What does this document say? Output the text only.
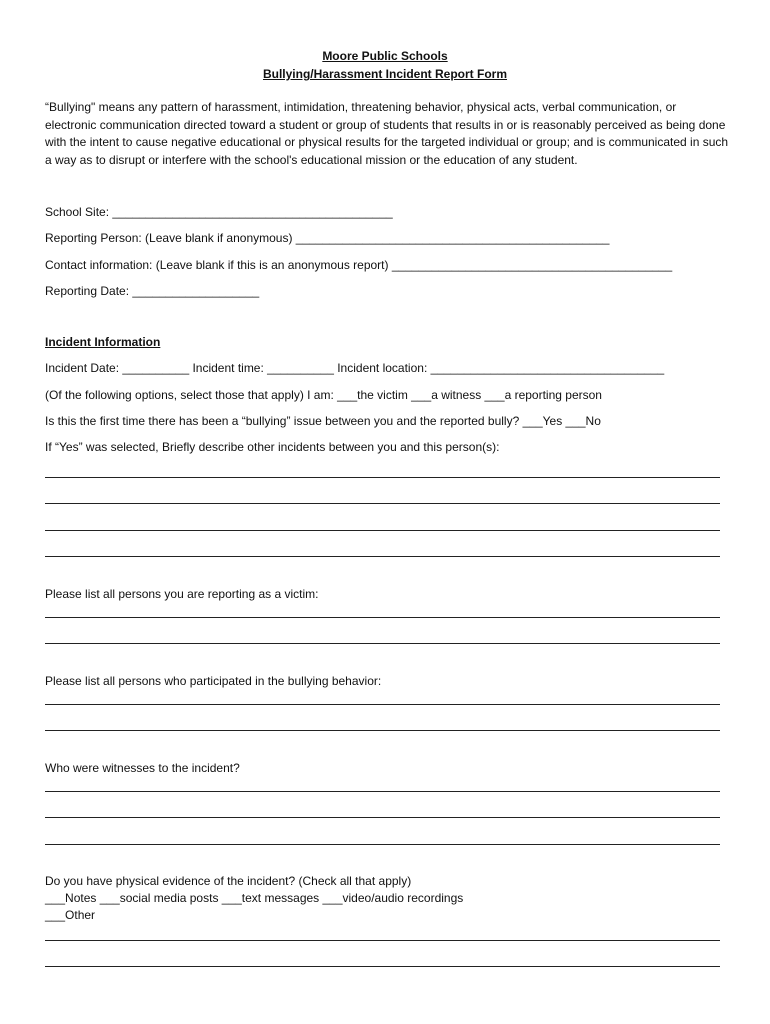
Moore Public Schools
Bullying/Harassment Incident Report Form
“Bullying" means any pattern of harassment, intimidation, threatening behavior, physical acts, verbal communication, or electronic communication directed toward a student or group of students that results in or is reasonably perceived as being done with the intent to cause negative educational or physical results for the targeted individual or group; and is communicated in such a way as to disrupt or interfere with the school's educational mission or the education of any student.
School Site: __________________________________________
Reporting Person: (Leave blank if anonymous) _______________________________________________
Contact information: (Leave blank if this is an anonymous report) __________________________________________
Reporting Date: ___________________
Incident Information
Incident Date: __________ Incident time: __________ Incident location: ___________________________________
(Of the following options, select those that apply) I am: ___the victim ___a witness ___a reporting person
Is this the first time there has been a “bullying” issue between you and the reported bully? ___Yes ___No
If “Yes” was selected, Briefly describe other incidents between you and this person(s):
Please list all persons you are reporting as a victim:
Please list all persons who participated in the bullying behavior:
Who were witnesses to the incident?
Do you have physical evidence of the incident? (Check all that apply)
___Notes ___social media posts ___text messages ___video/audio recordings
___Other
